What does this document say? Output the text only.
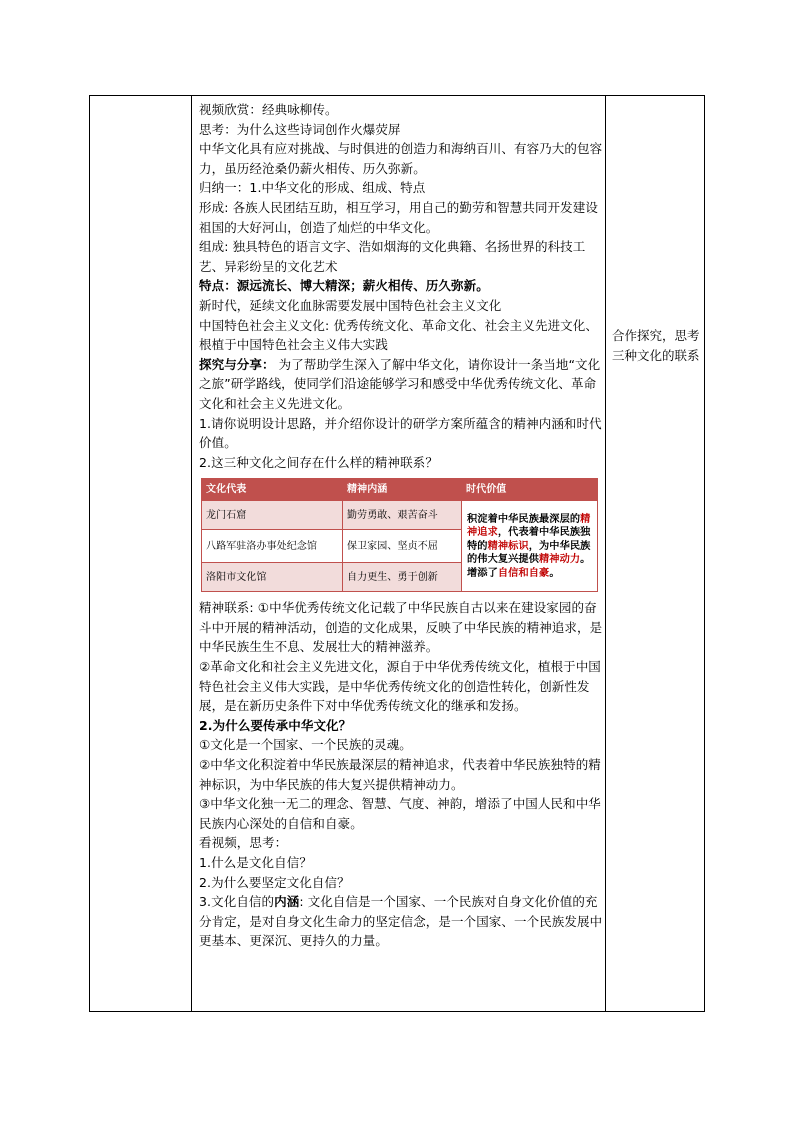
视频欣赏：经典咏柳传。

思考：为什么这些诗词创作火爆荧屏

中华文化具有应对挑战、与时俱进的创造力和海纳百川、有容乃大的包容力，虽历经沧桑仍薪火相传、历久弥新。

归纳一：1.中华文化的形成、组成、特点

形成: 各族人民团结互助，相互学习，用自己的勤劳和智慧共同开发建设祖国的大好河山，创造了灿烂的中华文化。

组成: 独具特色的语言文字、浩如烟海的文化典籍、名扬世界的科技工艺、异彩纷呈的文化艺术

特点：源远流长、博大精深；薪火相传、历久弥新。

新时代，延续文化血脉需要发展中国特色社会主义文化

中国特色社会主义文化: 优秀传统文化、革命文化、社会主义先进文化、根植于中国特色社会主义伟大实践

探究与分享： 为了帮助学生深入了解中华文化，请你设计一条当地“文化之旅”研学路线，使同学们沿途能够学习和感受中华优秀传统文化、革命文化和社会主义先进文化。

1.请你说明设计思路，并介绍你设计的研学方案所蕴含的精神内涵和时代价值。

2.这三种文化之间存在什么样的精神联系？

文化代表	精神内涵	时代价值
龙门石窟	勤劳勇敢、艰苦奋斗	积淀着中华民族最深层的精神追求，代表着中华民族独特的精神标识，为中华民族的伟大复兴提供精神动力。增添了自信和自豪。
八路军驻洛办事处纪念馆	保卫家园、坚贞不屈	
洛阳市文化馆	自力更生、勇于创新	

精神联系: ①中华优秀传统文化记载了中华民族自古以来在建设家园的奋斗中开展的精神活动，创造的文化成果，反映了中华民族的精神追求，是中华民族生生不息、发展壮大的精神滋养。

②革命文化和社会主义先进文化，源自于中华优秀传统文化，植根于中国特色社会主义伟大实践，是中华优秀传统文化的创造性转化，创新性发展，是在新历史条件下对中华优秀传统文化的继承和发扬。

2.为什么要传承中华文化？

①文化是一个国家、一个民族的灵魂。

②中华文化积淀着中华民族最深层的精神追求，代表着中华民族独特的精神标识，为中华民族的伟大复兴提供精神动力。

③中华文化独一无二的理念、智慧、气度、神韵，增添了中国人民和中华民族内心深处的自信和自豪。

看视频，思考：

1.什么是文化自信？

2.为什么要坚定文化自信？

3.文化自信的内涵: 文化自信是一个国家、一个民族对自身文化价值的充分肯定，是对自身文化生命力的坚定信念，是一个国家、一个民族发展中更基本、更深沉、更持久的力量。

合作探究，思考三种文化的联系
